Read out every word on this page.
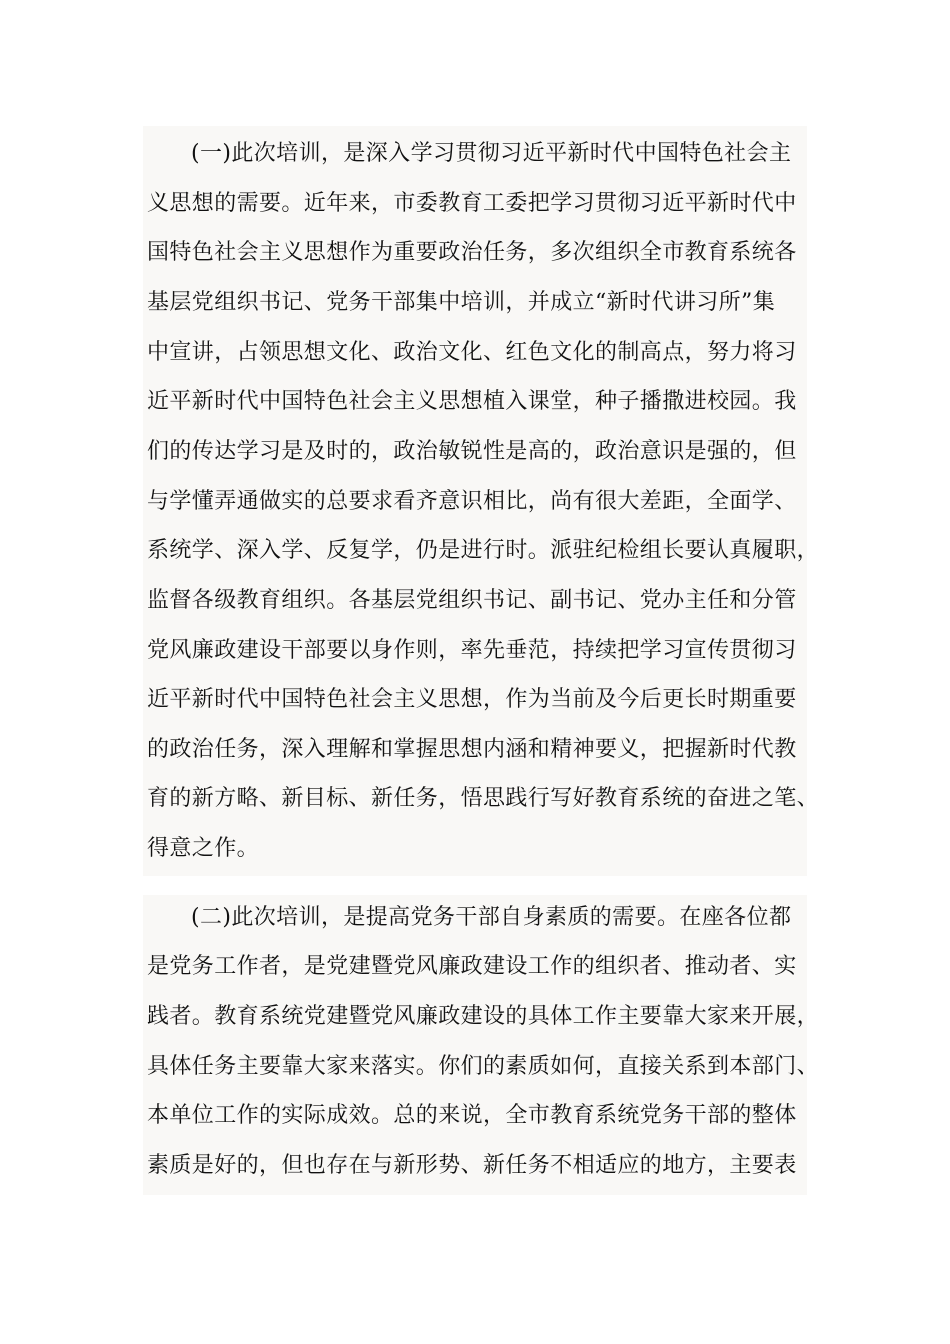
(一)此次培训，是深入学习贯彻习近平新时代中国特色社会主
义思想的需要。近年来，市委教育工委把学习贯彻习近平新时代中
国特色社会主义思想作为重要政治任务，多次组织全市教育系统各
基层党组织书记、党务干部集中培训，并成立“新时代讲习所”集
中宣讲，占领思想文化、政治文化、红色文化的制高点，努力将习
近平新时代中国特色社会主义思想植入课堂，种子播撒进校园。我
们的传达学习是及时的，政治敏锐性是高的，政治意识是强的，但
与学懂弄通做实的总要求看齐意识相比，尚有很大差距，全面学、
系统学、深入学、反复学，仍是进行时。派驻纪检组长要认真履职，
监督各级教育组织。各基层党组织书记、副书记、党办主任和分管
党风廉政建设干部要以身作则，率先垂范，持续把学习宣传贯彻习
近平新时代中国特色社会主义思想，作为当前及今后更长时期重要
的政治任务，深入理解和掌握思想内涵和精神要义，把握新时代教
育的新方略、新目标、新任务，悟思践行写好教育系统的奋进之笔、
得意之作。
(二)此次培训，是提高党务干部自身素质的需要。在座各位都
是党务工作者，是党建暨党风廉政建设工作的组织者、推动者、实
践者。教育系统党建暨党风廉政建设的具体工作主要靠大家来开展，
具体任务主要靠大家来落实。你们的素质如何，直接关系到本部门、
本单位工作的实际成效。总的来说，全市教育系统党务干部的整体
素质是好的，但也存在与新形势、新任务不相适应的地方，主要表
